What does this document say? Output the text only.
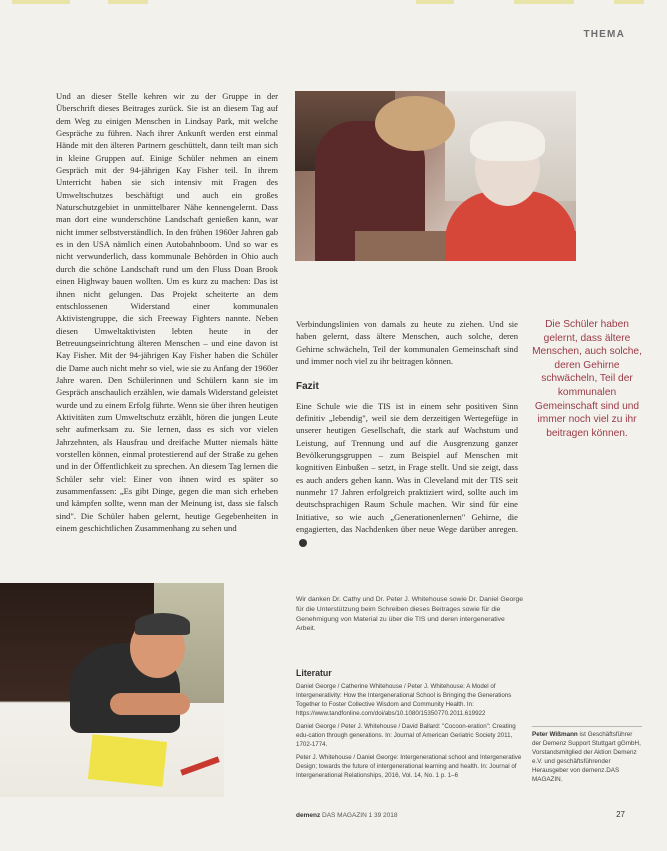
THEMA

Und an dieser Stelle kehren wir zu der Gruppe in der Überschrift dieses Beitrages zurück. Sie ist an diesem Tag auf dem Weg zu einigen Menschen in Lindsay Park, mit welche Gespräche zu führen. Nach ihrer Ankunft werden erst einmal Hände mit den älteren Partnern geschüttelt, dann teilt man sich in kleine Gruppen auf. Einige Schüler nehmen an einem Gespräch mit der 94-jährigen Kay Fisher teil. In ihrem Unterricht haben sie sich intensiv mit Fragen des Umweltschutzes beschäftigt und auch ein großes Naturschutzgebiet in unmittelbarer Nähe kennengelernt. Dass man dort eine wunderschöne Landschaft genießen kann, war nicht immer selbstverständlich. In den frühen 1960er Jahren gab es in den USA nämlich einen Autobahnboom. Und so war es nicht verwunderlich, dass kommunale Behörden in Ohio auch durch die schöne Landschaft rund um den Fluss Doan Brook einen Highway bauen wollten. Um es kurz zu machen: Das ist ihnen nicht gelungen. Das Projekt scheiterte an dem entschlossenen Widerstand einer kommunalen Aktivistengruppe, die sich Freeway Fighters nannte. Neben diesen Umweltaktivisten lebten heute in der Betreuungseinrichtung älteren Menschen – und eine davon ist Kay Fisher. Mit der 94-jährigen Kay Fisher haben die Schüler die Dame auch nicht mehr so viel, wie sie zu Anfang der 1960er Jahre waren. Den Schülerinnen und Schülern kann sie im Gespräch anschaulich erzählen, wie damals Widerstand geleistet wurde und zu einem Erfolg führte. Wenn sie über ihren heutigen Aktivitäten zum Umweltschutz erzählt, hören die jungen Leute sehr aufmerksam zu. Sie lernen, dass es sich vor vielen Jahrzehnten, als Hausfrau und dreifache Mutter niemals hätte vorstellen können, einmal protestierend auf der Straße zu gehen und in der Öffentlichkeit zu sprechen. An diesem Tag lernen die Schüler sehr viel: Einer von ihnen wird es später so zusammenfassen: „Es gibt Dinge, gegen die man sich erheben und kämpfen sollte, wenn man der Meinung ist, dass sie falsch sind". Die Schüler haben gelernt, heutige Gegebenheiten in einem geschichtlichen Zusammenhang zu sehen und

Verbindungslinien von damals zu heute zu ziehen. Und sie haben gelernt, dass ältere Menschen, auch solche, deren Gehirne schwächeln, Teil der kommunalen Gemeinschaft sind und immer noch viel zu ihr beitragen können.

Fazit

Eine Schule wie die TIS ist in einem sehr positiven Sinn definitiv „lebendig", weil sie dem derzeitigen Wertegefüge in unserer heutigen Gesellschaft, die stark auf Wachstum und Leistung, auf Trennung und auf die Ausgrenzung ganzer Bevölkerungsgruppen – zum Beispiel auf Menschen mit kognitiven Einbußen – setzt, in Frage stellt. Und sie zeigt, dass es auch anders gehen kann. Was in Cleveland mit der TIS seit nunmehr 17 Jahren erfolgreich praktiziert wird, sollte auch im deutschsprachigen Raum Schule machen. Wir sind für eine Initiative, so wie auch „Generationenlernen" Gehirne, die engagierten, das Nachdenken über neue Wege darüber anregen.

Die Schüler haben gelernt, dass ältere Menschen, auch solche, deren Gehirne schwächeln, Teil der kommunalen Gemeinschaft sind und immer noch viel zu ihr beitragen können.
Wir danken Dr. Cathy und Dr. Peter J. Whitehouse sowie Dr. Daniel George für die Unterstützung beim Schreiben dieses Beitrages sowie für die Genehmigung von Material zu über die TIS und deren intergenerative Arbeit.
Literatur

Daniel George / Catherine Whitehouse / Peter J. Whitehouse: A Model of Intergenerativity: How the Intergenerational School is Bringing the Generations Together to Foster Collective Wisdom and Community Health. In: https://www.tandfonline.com/doi/abs/10.1080/15350770.2011.619922

Daniel George / Peter J. Whitehouse / David Ballard: "Cocoon-eration": Creating edu-cation through generations. In: Journal of American Geriatric Society 2011, 1702-1774.

Peter J. Whitehouse / Daniel George: Intergenerational school and Intergenerative Design; towards the future of intergenerational learning and health. In: Journal of Intergenerational Relationships, 2016, Vol. 14, No. 1 p. 1–6

Peter Wißmann ist Geschäftsführer der Demenz Support Stuttgart gGmbH, Vorstandsmitglied der Aktion Demenz e.V. und geschäftsführender Herausgeber von demenz.DAS MAGAZIN.
demenz DAS MAGAZIN 1 39 2018	27
